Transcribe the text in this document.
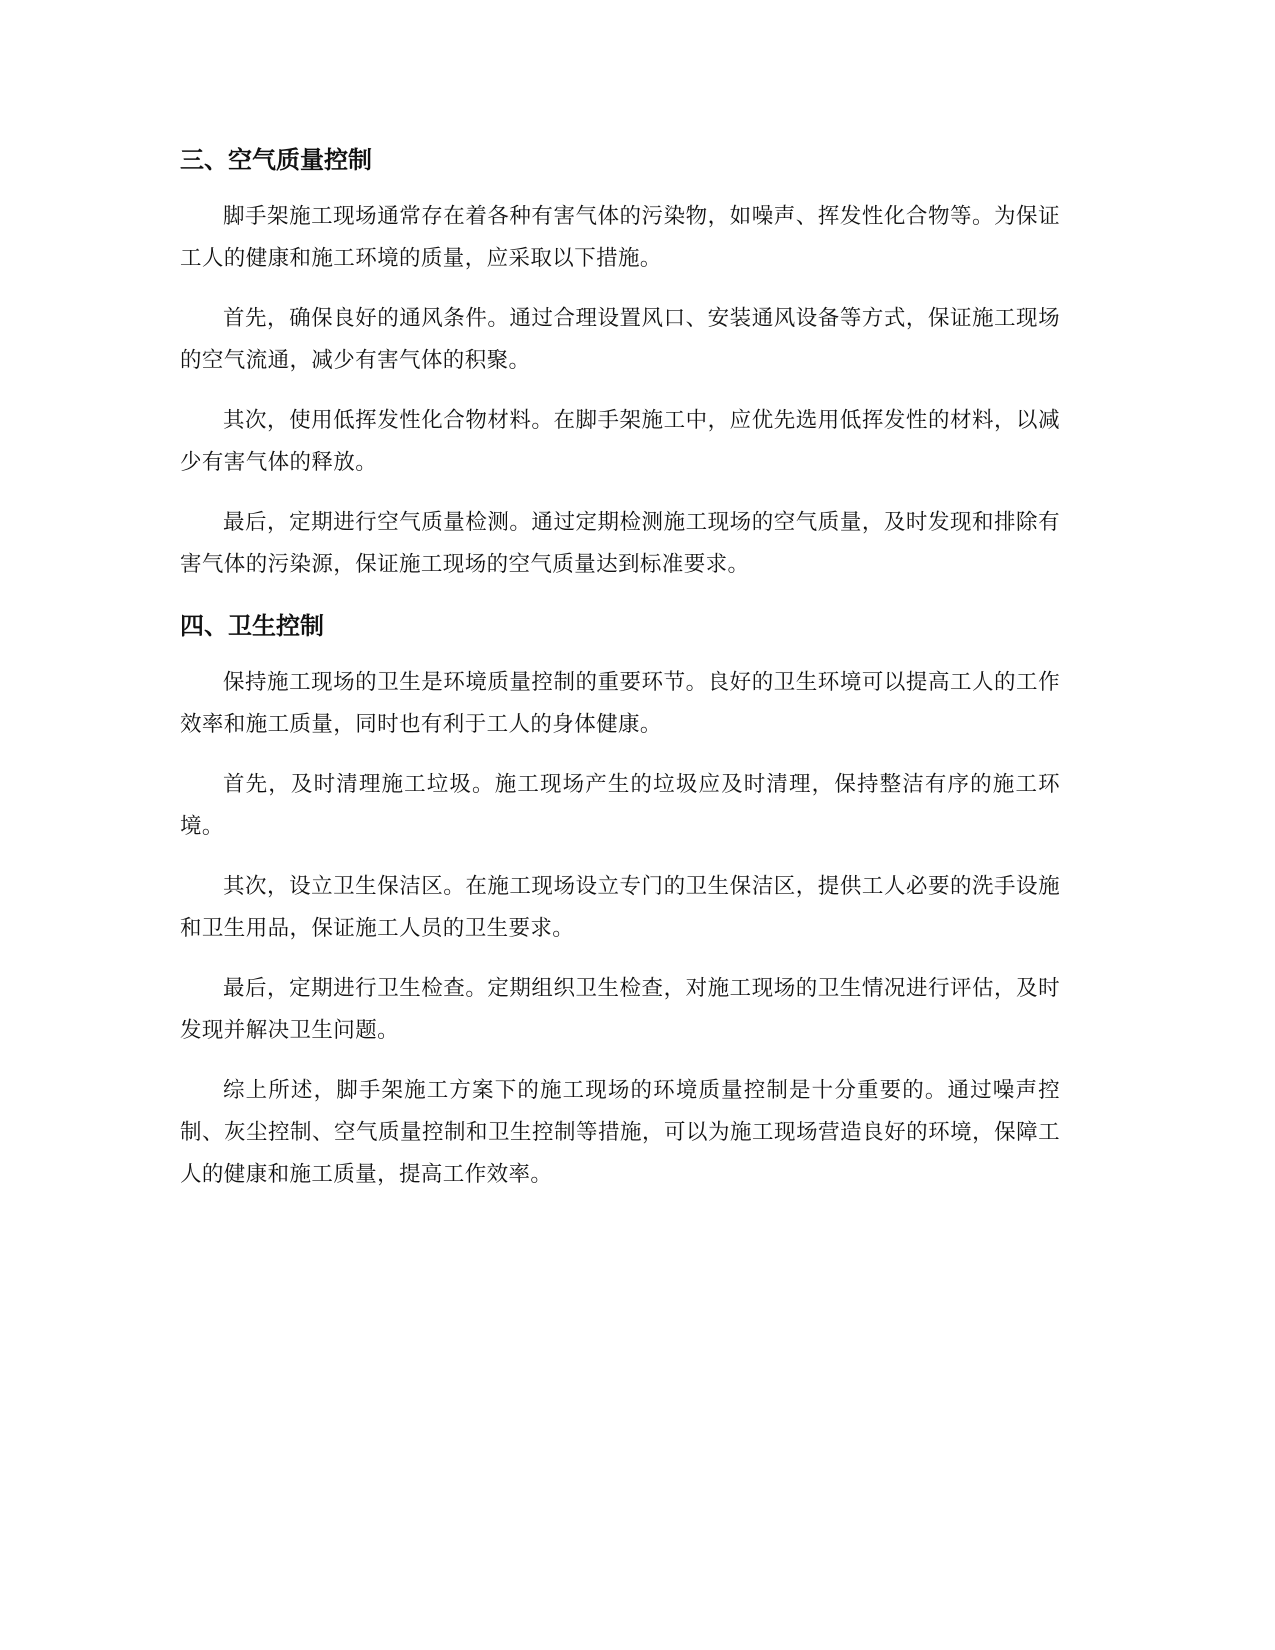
三、空气质量控制

脚手架施工现场通常存在着各种有害气体的污染物，如噪声、挥发性化合物等。为保证工人的健康和施工环境的质量，应采取以下措施。

首先，确保良好的通风条件。通过合理设置风口、安装通风设备等方式，保证施工现场的空气流通，减少有害气体的积聚。

其次，使用低挥发性化合物材料。在脚手架施工中，应优先选用低挥发性的材料，以减少有害气体的释放。

最后，定期进行空气质量检测。通过定期检测施工现场的空气质量，及时发现和排除有害气体的污染源，保证施工现场的空气质量达到标准要求。

四、卫生控制

保持施工现场的卫生是环境质量控制的重要环节。良好的卫生环境可以提高工人的工作效率和施工质量，同时也有利于工人的身体健康。

首先，及时清理施工垃圾。施工现场产生的垃圾应及时清理，保持整洁有序的施工环境。

其次，设立卫生保洁区。在施工现场设立专门的卫生保洁区，提供工人必要的洗手设施和卫生用品，保证施工人员的卫生要求。

最后，定期进行卫生检查。定期组织卫生检查，对施工现场的卫生情况进行评估，及时发现并解决卫生问题。

综上所述，脚手架施工方案下的施工现场的环境质量控制是十分重要的。通过噪声控制、灰尘控制、空气质量控制和卫生控制等措施，可以为施工现场营造良好的环境，保障工人的健康和施工质量，提高工作效率。
